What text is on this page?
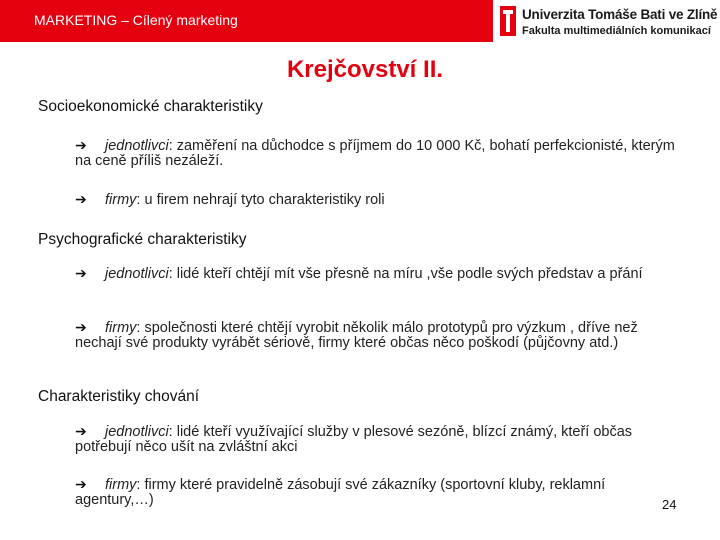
MARKETING – Cílený marketing	Univerzita Tomáše Bati ve Zlíně
Fakulta multimediálních komunikací
Krejčovství II.
Socioekonomické charakteristiky
➔ jednotlivci: zaměření na důchodce s příjmem do 10 000 Kč, bohatí perfekcionisté, kterým na ceně příliš nezáleží.
➔ firmy: u firem nehrají tyto charakteristiky roli
Psychografické charakteristiky
➔ jednotlivci: lidé kteří chtějí mít vše přesně na míru ,vše podle svých představ a přání
➔ firmy: společnosti které chtějí vyrobit několik málo prototypů pro výzkum , dříve než nechají své produkty vyrábět sériově, firmy které občas něco poškodí (půjčovny atd.)
Charakteristiky chování
➔ jednotlivci: lidé kteří využívající služby v plesové sezóně, blízcí známý, kteří občas potřebují něco ušít na zvláštní akci
➔ firmy: firmy které pravidelně zásobují své zákazníky (sportovní kluby, reklamní agentury,…)	24
